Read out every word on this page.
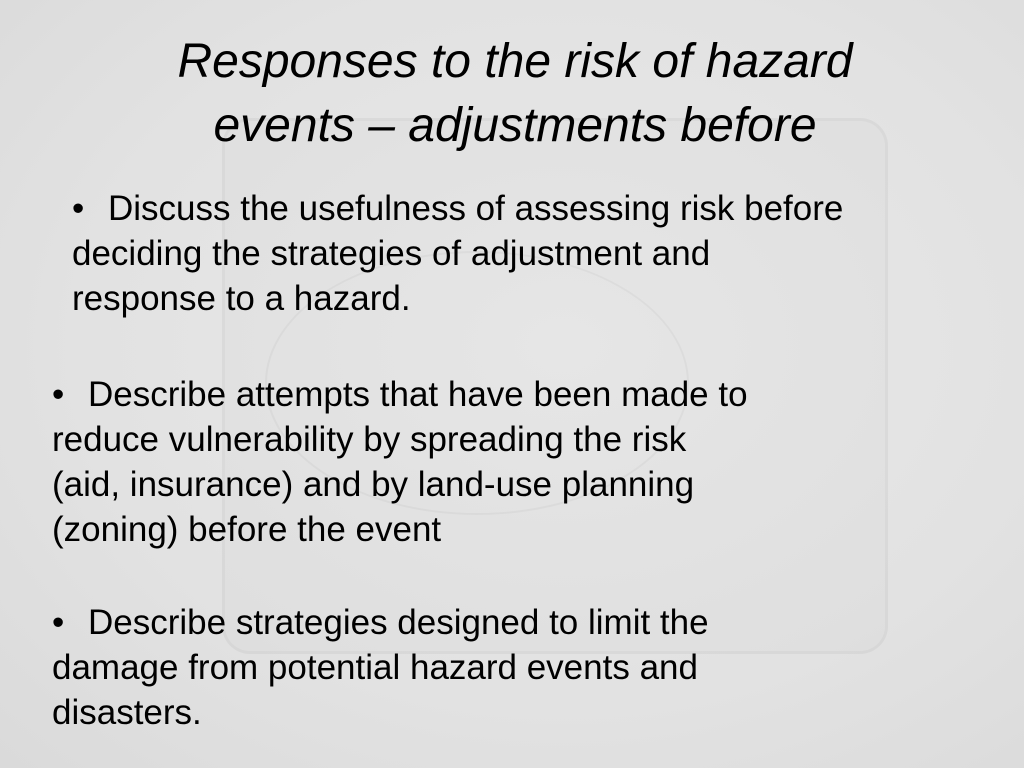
Responses to the risk of hazard
events – adjustments before

• Discuss the usefulness of assessing risk before
deciding the strategies of adjustment and
response to a hazard.

• Describe attempts that have been made to
reduce vulnerability by spreading the risk
(aid, insurance) and by land-use planning
(zoning) before the event

• Describe strategies designed to limit the
damage from potential hazard events and
disasters.
